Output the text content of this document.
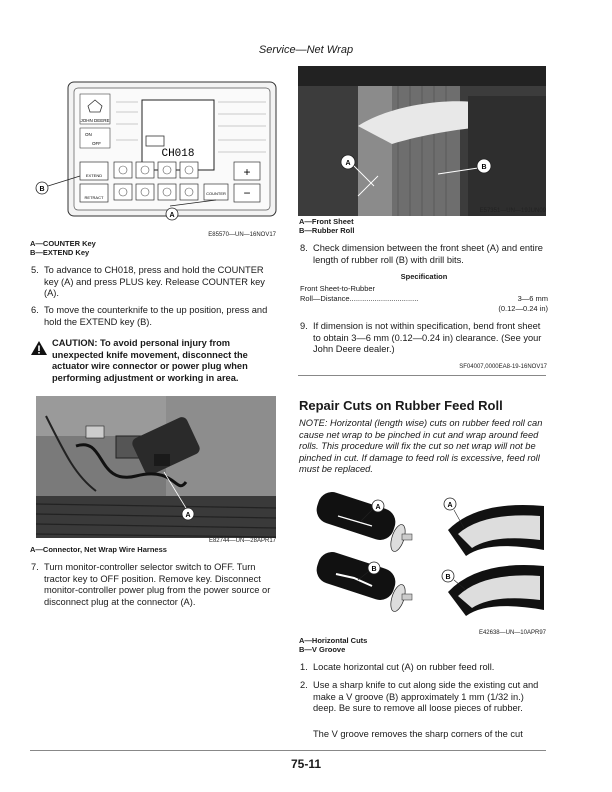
Service—Net Wrap
JOHN DEERE
ON
OFF
CH018
+
−
EXTEND
RETRACT
COUNTER
B
A
E85570—UN—16NOV17
A—COUNTER Key
B—EXTEND Key
5. To advance to CH018, press and hold the COUNTER key (A) and press PLUS key. Release COUNTER key (A).
6. To move the counterknife to the up position, press and hold the EXTEND key (B).
CAUTION: To avoid personal injury from unexpected knife movement, disconnect the actuator wire connector or power plug when performing adjustment or working in area.
A
E82744—UN—28APR17
A—Connector, Net Wrap Wire Harness
7. Turn monitor-controller selector switch to OFF. Turn tractor key to OFF position. Remove key. Disconnect monitor-controller power plug from the power source or disconnect plug at the connector (A).
A
B
E57351—UN—19JUN09
A—Front Sheet
B—Rubber Roll
8. Check dimension between the front sheet (A) and entire length of rubber roll (B) with drill bits.
Specification
Front Sheet-to-Rubber
Roll—Distance.................................	3—6 mm
(0.12—0.24 in)
9. If dimension is not within specification, bend front sheet to obtain 3—6 mm (0.12—0.24 in) clearance. (See your John Deere dealer.)
SF04007,0000EA8-19-16NOV17
Repair Cuts on Rubber Feed Roll
NOTE: Horizontal (length wise) cuts on rubber feed roll can cause net wrap to be pinched in cut and wrap around feed rolls. This procedure will fix the cut so net wrap will not be pinched in cut. If damage to feed roll is excessive, feed roll must be replaced.
A
B
A
B
E42638—UN—10APR97
A—Horizontal Cuts
B—V Groove
1. Locate horizontal cut (A) on rubber feed roll.
2. Use a sharp knife to cut along side the existing cut and make a V groove (B) approximately 1 mm (1/32 in.) deep. Be sure to remove all loose pieces of rubber.
The V groove removes the sharp corners of the cut
75-11
